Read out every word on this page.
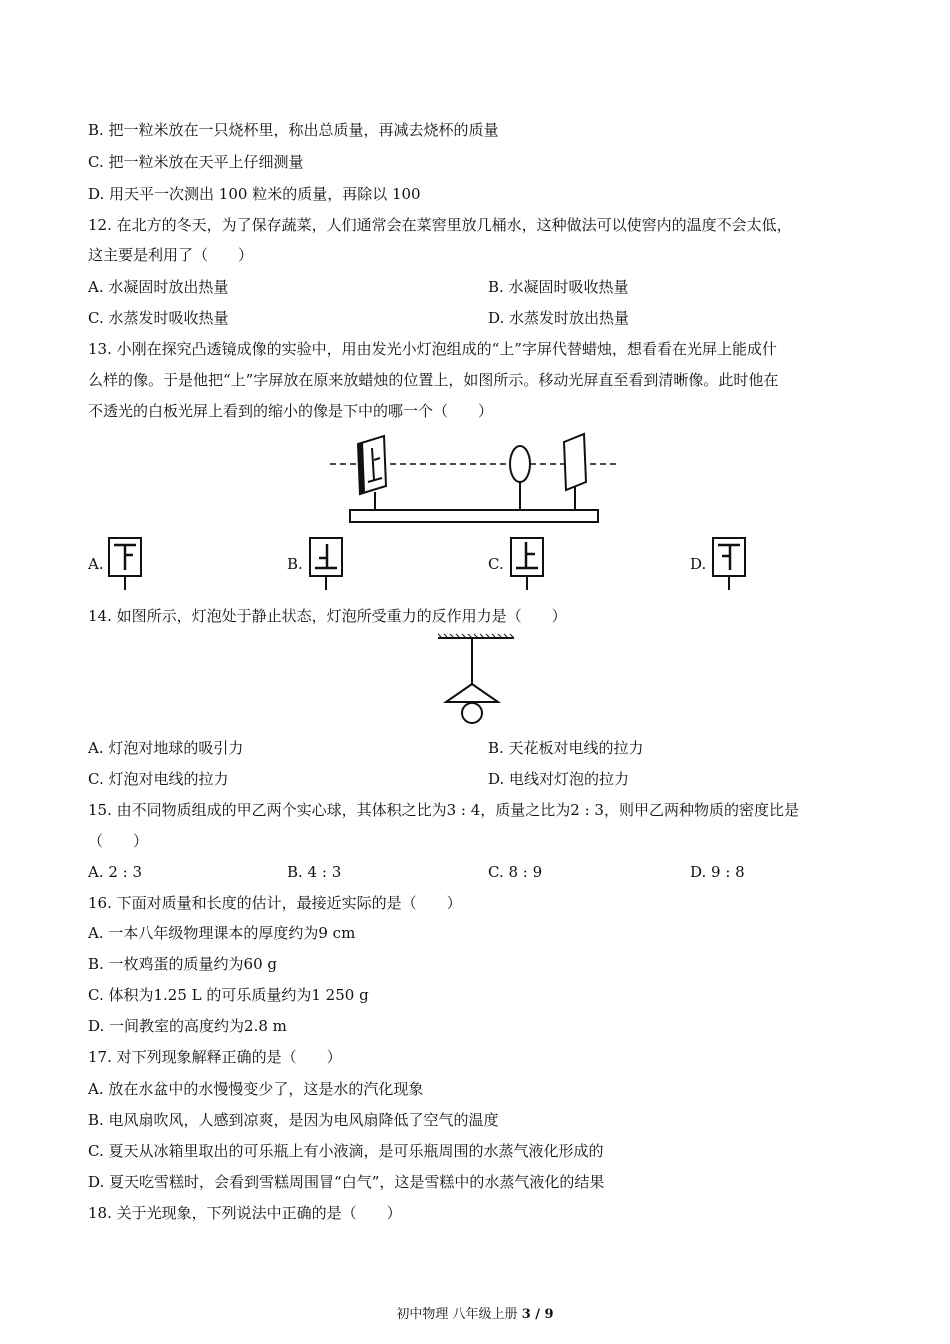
B. 把一粒米放在一只烧杯里，称出总质量，再减去烧杯的质量
C. 把一粒米放在天平上仔细测量
D. 用天平一次测出 100 粒米的质量，再除以 100
12. 在北方的冬天，为了保存蔬菜，人们通常会在菜窖里放几桶水，这种做法可以使窖内的温度不会太低，
这主要是利用了（　　）
A. 水凝固时放出热量	B. 水凝固时吸收热量
C. 水蒸发时吸收热量	D. 水蒸发时放出热量
13. 小刚在探究凸透镜成像的实验中，用由发光小灯泡组成的“上”字屏代替蜡烛，想看看在光屏上能成什
么样的像。于是他把“上”字屏放在原来放蜡烛的位置上，如图所示。移动光屏直至看到清晰像。此时他在
不透光的白板光屏上看到的缩小的像是下中的哪一个（　　）
A.	B.	C.	D.
14. 如图所示，灯泡处于静止状态，灯泡所受重力的反作用力是（　　）
A. 灯泡对地球的吸引力	B. 天花板对电线的拉力
C. 灯泡对电线的拉力	D. 电线对灯泡的拉力
15. 由不同物质组成的甲乙两个实心球，其体积之比为3 : 4，质量之比为2 : 3，则甲乙两种物质的密度比是
（　　）
A. 2 : 3	B. 4 : 3	C. 8 : 9	D. 9 : 8
16. 下面对质量和长度的估计，最接近实际的是（　　）
A. 一本八年级物理课本的厚度约为9 cm
B. 一枚鸡蛋的质量约为60 g
C. 体积为1.25 L 的可乐质量约为1 250 g
D. 一间教室的高度约为2.8 m
17. 对下列现象解释正确的是（　　）
A. 放在水盆中的水慢慢变少了，这是水的汽化现象
B. 电风扇吹风，人感到凉爽，是因为电风扇降低了空气的温度
C. 夏天从冰箱里取出的可乐瓶上有小液滴，是可乐瓶周围的水蒸气液化形成的
D. 夏天吃雪糕时，会看到雪糕周围冒“白气”，这是雪糕中的水蒸气液化的结果
18. 关于光现象，下列说法中正确的是（　　）
初中物理 八年级上册 3 / 9
